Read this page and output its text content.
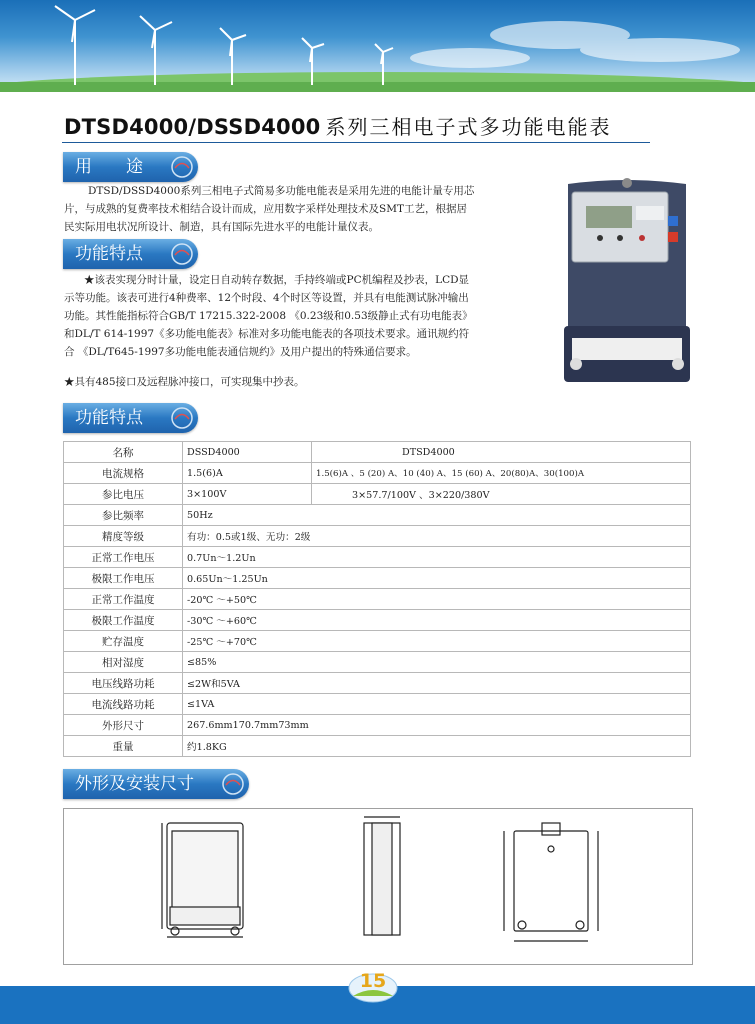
DTSD4000/DSSD4000 系列三相电子式多功能电能表
用　　途
DTSD/DSSD4000系列三相电子式简易多功能电能表是采用先进的电能计量专用芯
片，与成熟的复费率技术相结合设计而成，应用数字采样处理技术及SMT工艺，根据居
民实际用电状况所设计、制造，具有国际先进水平的电能计量仪表。
功能特点
★该表实现分时计量，设定日自动转存数据，手持终端或PC机编程及抄表，LCD显
示等功能。该表可进行4种费率、12个时段、4个时区等设置，并具有电能测试脉冲输出
功能。其性能指标符合GB/T 17215.322-2008 《0.23级和0.53级静止式有功电能表》
和DL/T 614-1997《多功能电能表》标准对多功能电能表的各项技术要求。通讯规约符
合 《DL/T645-1997多功能电能表通信规约》及用户提出的特殊通信要求。
★具有485接口及远程脉冲接口，可实现集中抄表。
功能特点
名称	DSSD4000	DTSD4000
电流规格	1.5(6)A	1.5(6)A 、5 (20) A、10 (40) A、15 (60) A、20(80)A、30(100)A
参比电压	3×100V	3×57.7/100V 、3×220/380V
参比频率	50Hz	
精度等级	有功：0.5或1级、无功：2级	
正常工作电压	0.7Un～1.2Un	
极限工作电压	0.65Un～1.25Un	
正常工作温度	-20℃ ～+50℃	
极限工作温度	-30℃ ～+60℃	
贮存温度	-25℃ ～+70℃	
相对湿度	≤85%	
电压线路功耗	≤2W和5VA	
电流线路功耗	≤1VA	
外形尺寸	267.6mm170.7mm73mm	
重量	约1.8KG	
外形及安装尺寸
15
